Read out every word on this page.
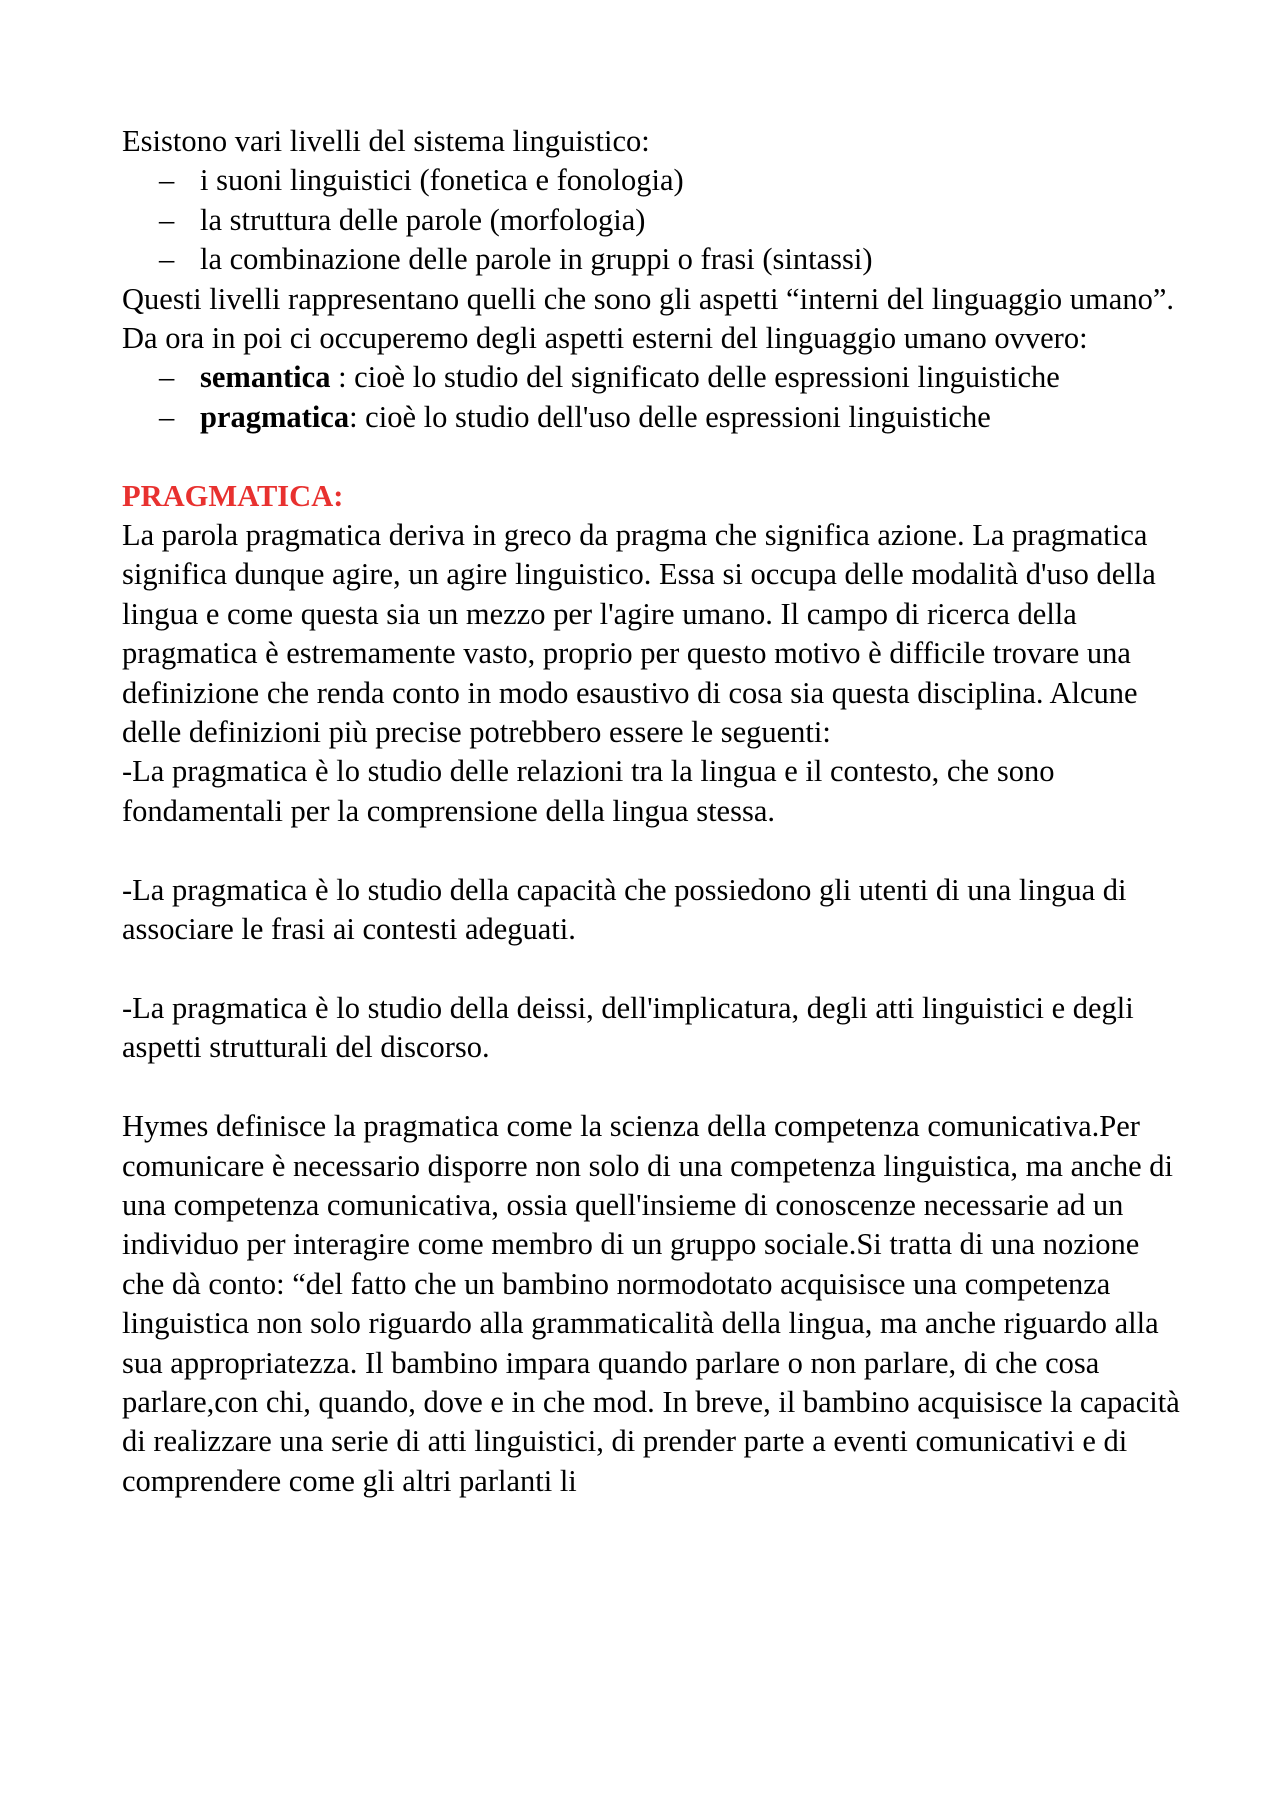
Esistono vari livelli del sistema linguistico:

– i suoni linguistici (fonetica e fonologia)
– la struttura delle parole (morfologia)
– la combinazione delle parole in gruppi o frasi (sintassi)

Questi livelli rappresentano quelli che sono gli aspetti “interni del linguaggio umano”. Da ora in poi ci occuperemo degli aspetti esterni del linguaggio umano ovvero:

– semantica : cioè lo studio del significato delle espressioni linguistiche
– pragmatica: cioè lo studio dell'uso delle espressioni linguistiche

PRAGMATICA:

La parola pragmatica deriva in greco da pragma che significa azione. La pragmatica significa dunque agire, un agire linguistico. Essa si occupa delle modalità d'uso della lingua e come questa sia un mezzo per l'agire umano. Il campo di ricerca della pragmatica è estremamente vasto, proprio per questo motivo è difficile trovare una definizione che renda conto in modo esaustivo di cosa sia questa disciplina. Alcune delle definizioni più precise potrebbero essere le seguenti:

-La pragmatica è lo studio delle relazioni tra la lingua e il contesto, che sono fondamentali per la comprensione della lingua stessa.

-La pragmatica è lo studio della capacità che possiedono gli utenti di una lingua di associare le frasi ai contesti adeguati.

-La pragmatica è lo studio della deissi, dell'implicatura, degli atti linguistici e degli aspetti strutturali del discorso.

Hymes definisce la pragmatica come la scienza della competenza comunicativa.Per comunicare è necessario disporre non solo di una competenza linguistica, ma anche di una competenza comunicativa, ossia quell'insieme di conoscenze necessarie ad un individuo per interagire come membro di un gruppo sociale.Si tratta di una nozione che dà conto: “del fatto che un bambino normodotato acquisisce una competenza linguistica non solo riguardo alla grammaticalità della lingua, ma anche riguardo alla sua appropriatezza. Il bambino impara quando parlare o non parlare, di che cosa parlare,con chi, quando, dove e in che mod. In breve, il bambino acquisisce la capacità di realizzare una serie di atti linguistici, di prender parte a eventi comunicativi e di comprendere come gli altri parlanti li
